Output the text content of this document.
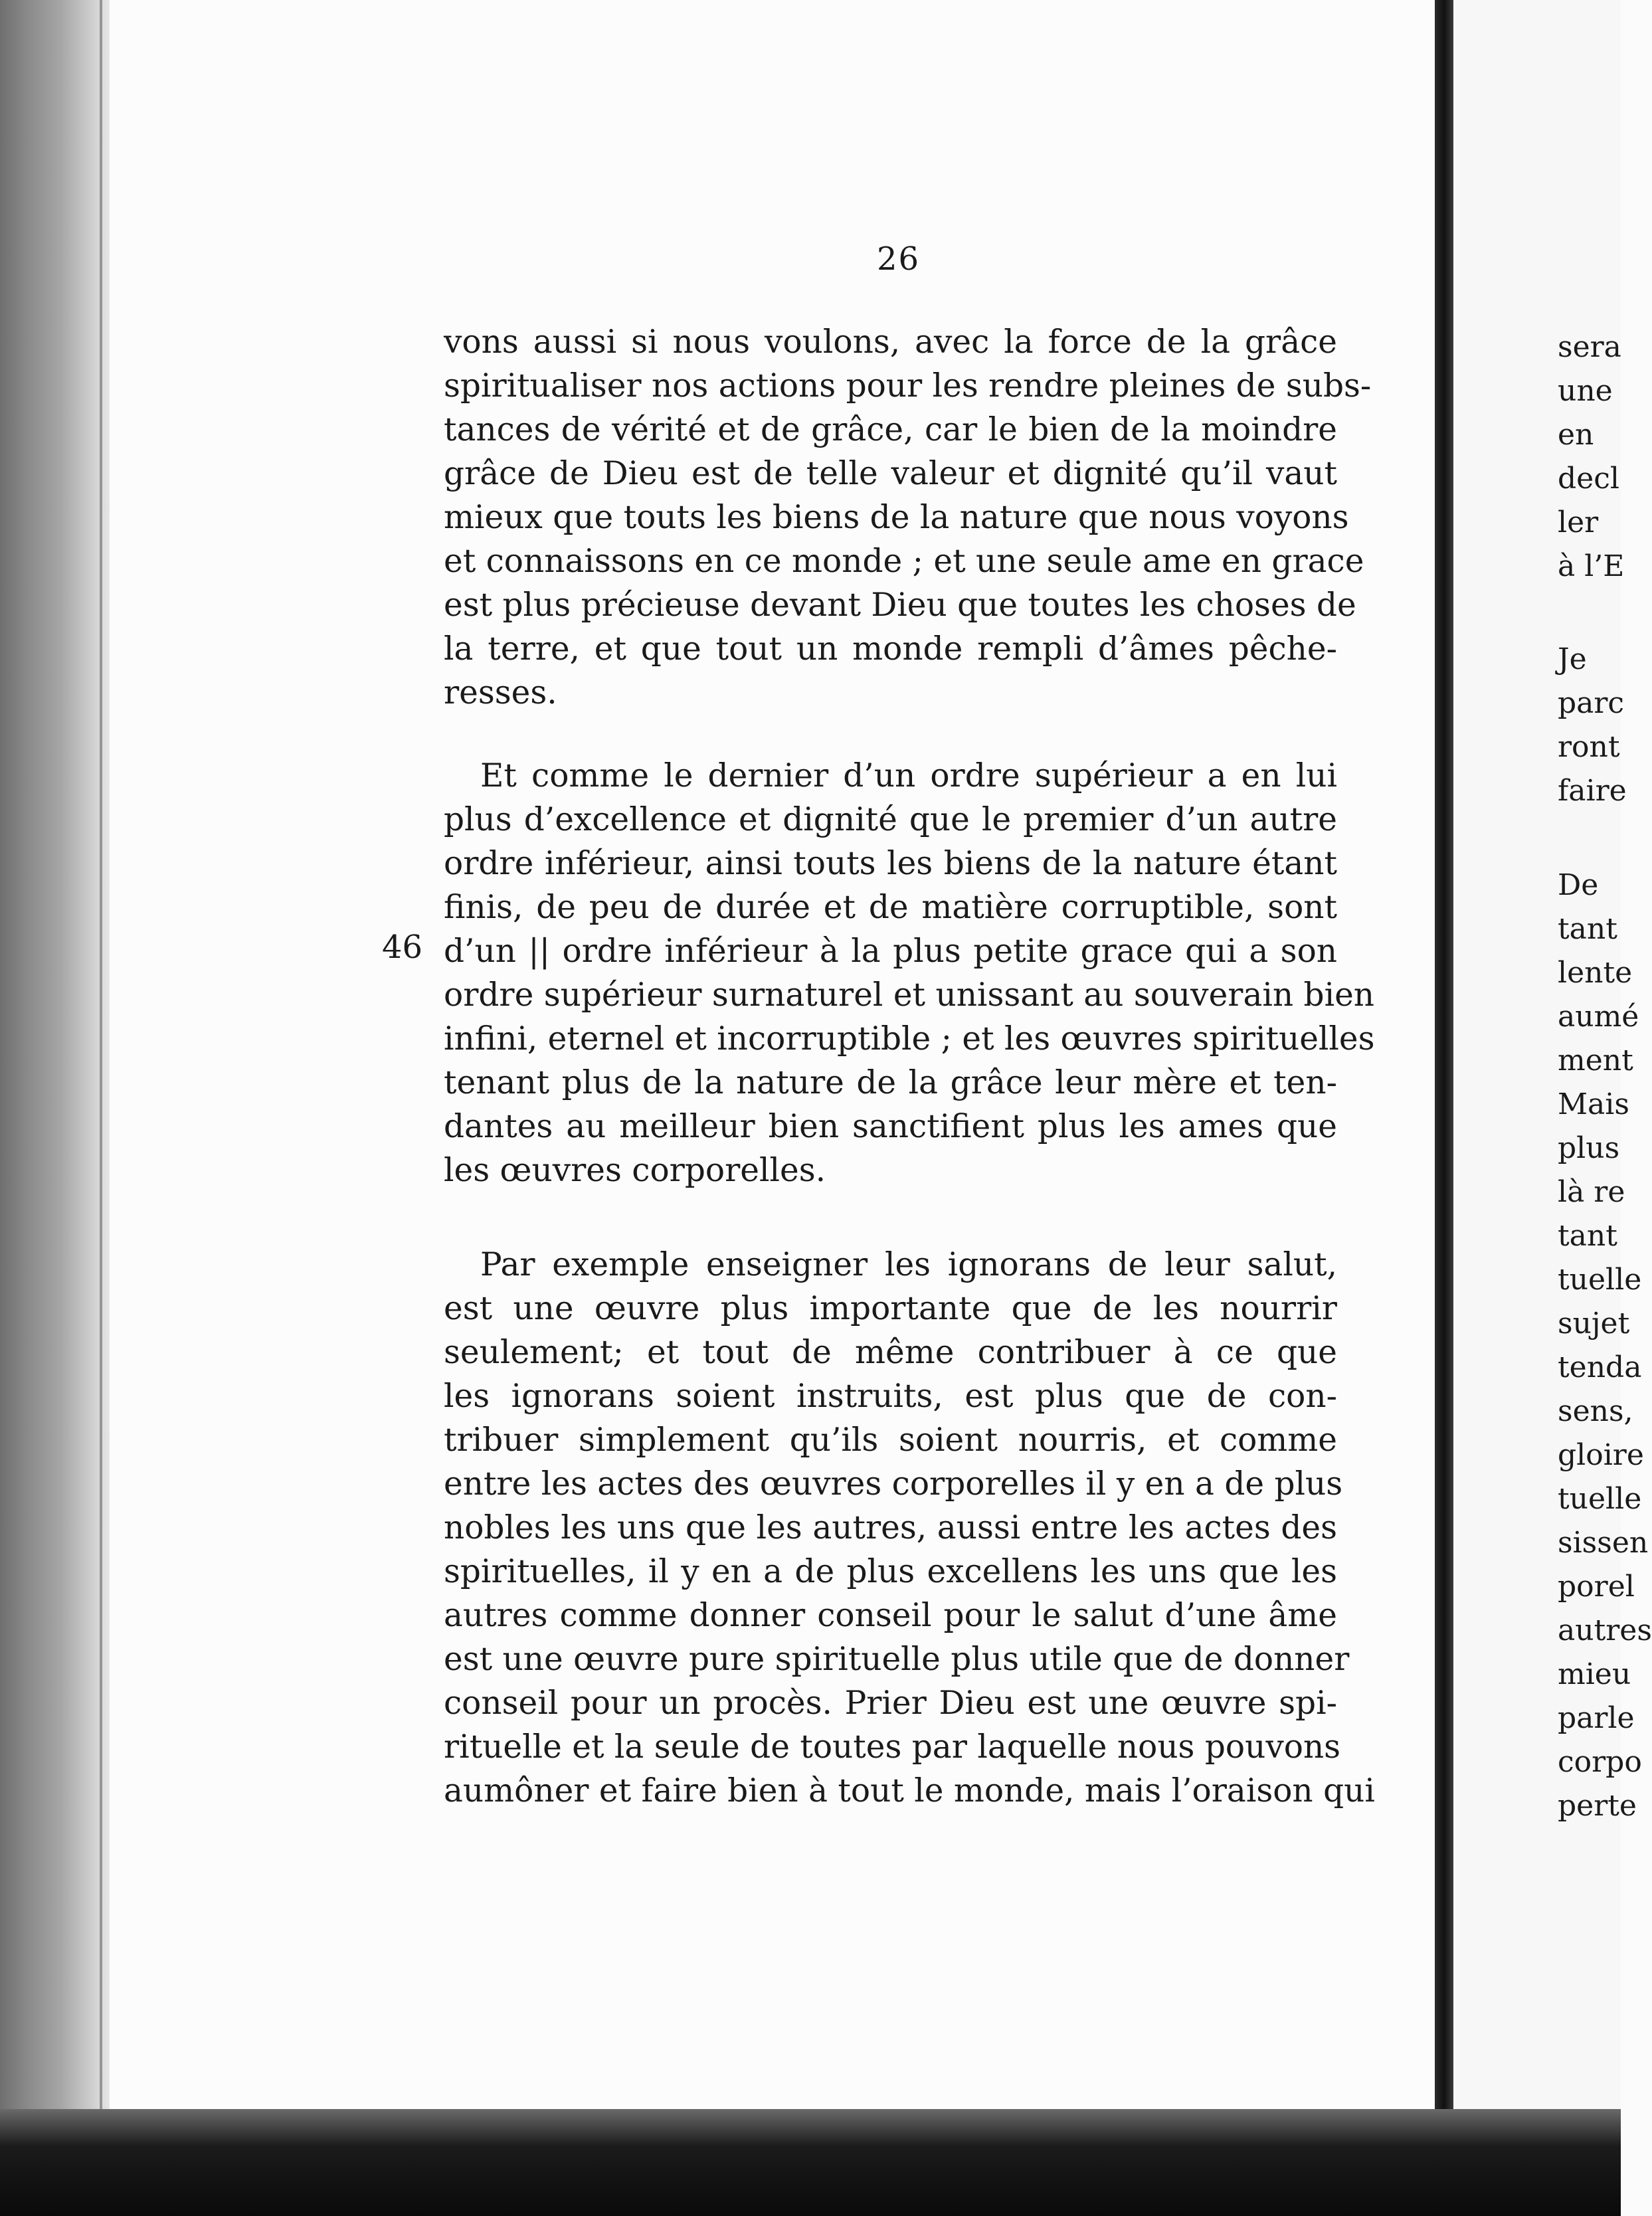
26
46
vons aussi si nous voulons, avec la force de la grâce
spiritualiser nos actions pour les rendre pleines de subs-
tances de vérité et de grâce, car le bien de la moindre
grâce de Dieu est de telle valeur et dignité qu’il vaut
mieux que touts les biens de la nature que nous voyons
et connaissons en ce monde ; et une seule ame en grace
est plus précieuse devant Dieu que toutes les choses de
la terre, et que tout un monde rempli d’âmes pêche-
resses.
Et comme le dernier d’un ordre supérieur a en lui
plus d’excellence et dignité que le premier d’un autre
ordre inférieur, ainsi touts les biens de la nature étant
finis, de peu de durée et de matière corruptible, sont
d’un || ordre inférieur à la plus petite grace qui a son
ordre supérieur surnaturel et unissant au souverain bien
infini, eternel et incorruptible ; et les œuvres spirituelles
tenant plus de la nature de la grâce leur mère et ten-
dantes au meilleur bien sanctifient plus les ames que
les œuvres corporelles.
Par exemple enseigner les ignorans de leur salut,
est une œuvre plus importante que de les nourrir
seulement; et tout de même contribuer à ce que
les ignorans soient instruits, est plus que de con-
tribuer simplement qu’ils soient nourris, et comme
entre les actes des œuvres corporelles il y en a de plus
nobles les uns que les autres, aussi entre les actes des
spirituelles, il y en a de plus excellens les uns que les
autres comme donner conseil pour le salut d’une âme
est une œuvre pure spirituelle plus utile que de donner
conseil pour un procès. Prier Dieu est une œuvre spi-
rituelle et la seule de toutes par laquelle nous pouvons
aumôner et faire bien à tout le monde, mais l’oraison qui
sera
une
en
decl
ler
à l’E
Je
parc
ront
faire
De
tant
lente
aumé
ment
Mais
plus
là re
tant
tuelle
sujet
tenda
sens,
gloire
tuelle
sissen
porel
autres
mieu
parle
corpo
perte
